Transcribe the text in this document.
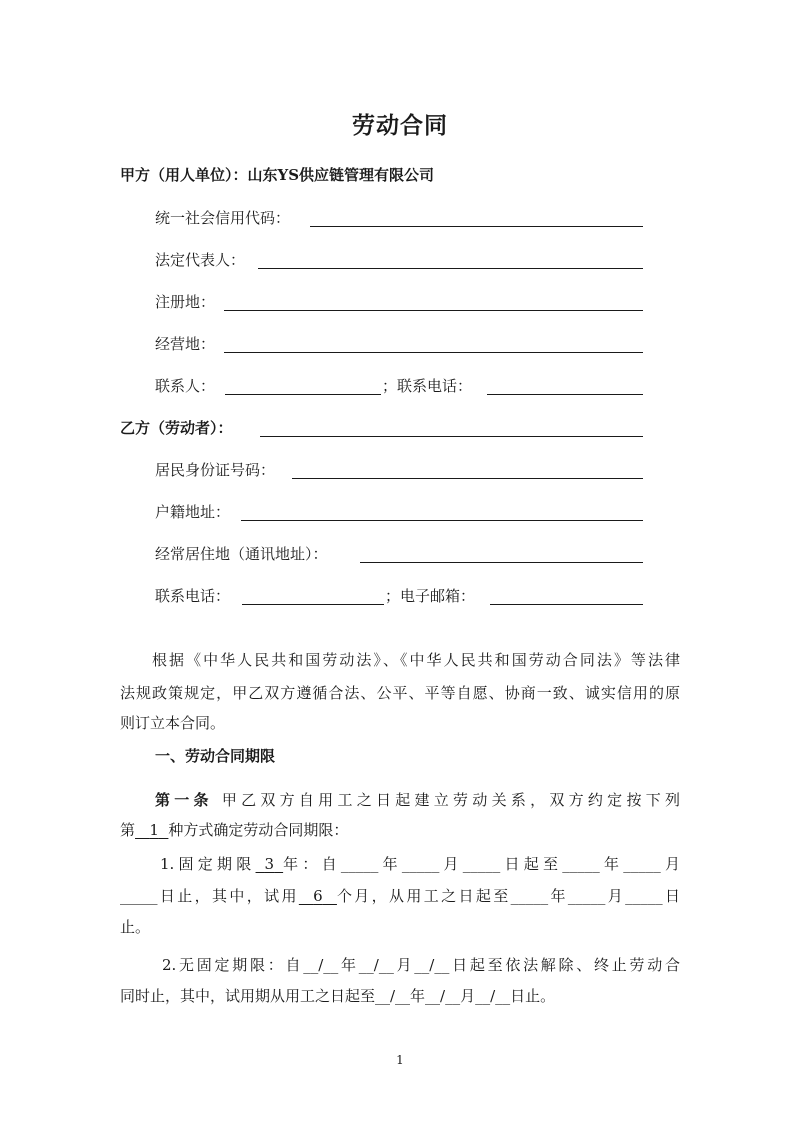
劳动合同
甲方（用人单位）：山东YS供应链管理有限公司
统一社会信用代码：
法定代表人：
注册地：
经营地：
联系人：	；联系电话：
乙方（劳动者）：
居民身份证号码：
户籍地址：
经常居住地（通讯地址）：
联系电话：	；电子邮箱：
根据《中华人民共和国劳动法》、《中华人民共和国劳动合同法》等法律
法规政策规定，甲乙双方遵循合法、公平、平等自愿、协商一致、诚实信用的原
则订立本合同。
一、劳动合同期限
第一条 甲乙双方自用工之日起建立劳动关系，双方约定按下列
第 1 种方式确定劳动合同期限：
1.固定期限 3 年：自_____年_____月_____日起至_____年_____月
_____日止，其中，试用 6 个月，从用工之日起至_____年_____月_____日
止。
2.无固定期限：自__/__年__/__月__/__日起至依法解除、终止劳动合
同时止，其中，试用期从用工之日起至__/__年__/__月__/__日止。
1
